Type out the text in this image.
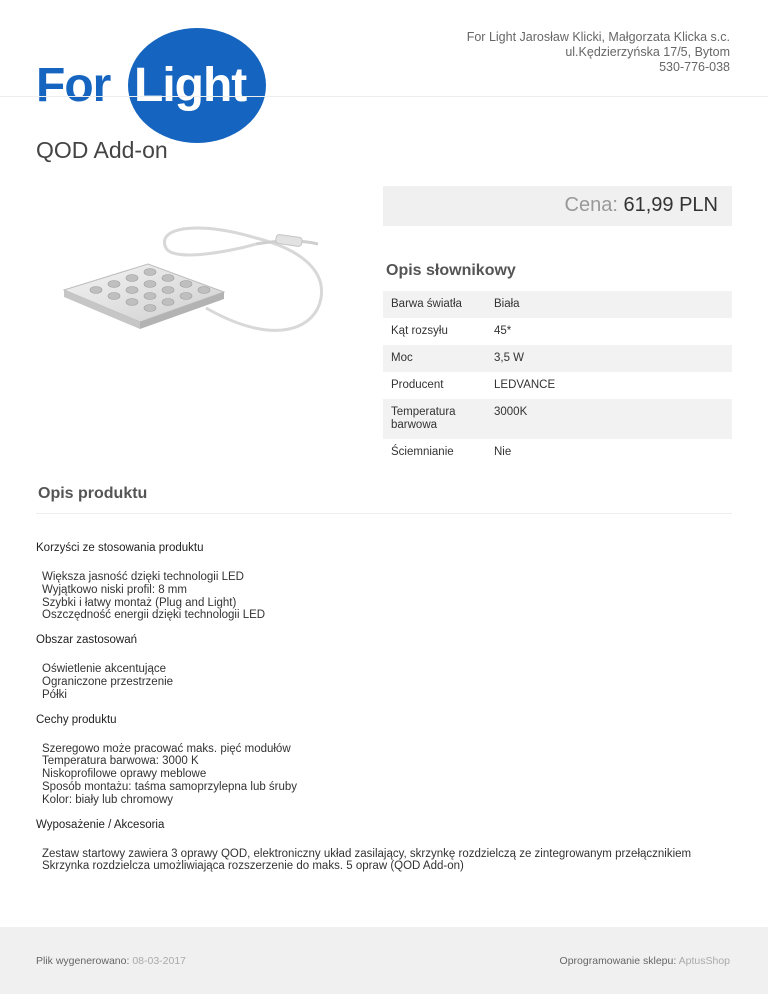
For Light
For Light Jarosław Klicki, Małgorzata Klicka s.c.
ul.Kędzierzyńska 17/5, Bytom
530-776-038
QOD Add-on
Cena: 61,99 PLN
Opis słownikowy
Barwa światła	Biała
Kąt rozsyłu	45*
Moc	3,5 W
Producent	LEDVANCE
Temperatura barwowa	3000K
Ściemnianie	Nie
Opis produktu
Korzyści ze stosowania produktu
Większa jasność dzięki technologii LED
Wyjątkowo niski profil: 8 mm
Szybki i łatwy montaż (Plug and Light)
Oszczędność energii dzięki technologii LED
Obszar zastosowań
Oświetlenie akcentujące
Ograniczone przestrzenie
Półki
Cechy produktu
Szeregowo może pracować maks. pięć modułów
Temperatura barwowa: 3000 K
Niskoprofilowe oprawy meblowe
Sposób montażu: taśma samoprzylepna lub śruby
Kolor: biały lub chromowy
Wyposażenie / Akcesoria
Zestaw startowy zawiera 3 oprawy QOD, elektroniczny układ zasilający, skrzynkę rozdzielczą ze zintegrowanym przełącznikiem
Skrzynka rozdzielcza umożliwiająca rozszerzenie do maks. 5 opraw (QOD Add-on)
Plik wygenerowano: 08-03-2017	Oprogramowanie sklepu: AptusShop
